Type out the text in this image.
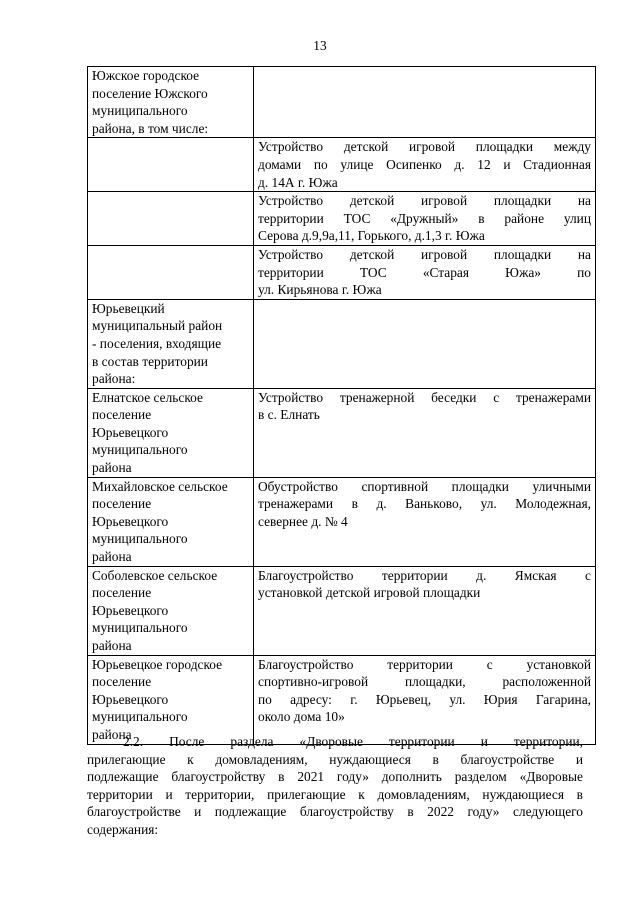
13
Южское городское
поселение Южского
муниципального
района, в том числе:	

	Устройство детской игровой площадки между
домами по улице Осипенко д. 12 и Стадионная
д. 14А г. Южа

	Устройство детской игровой площадки на
территории ТОС «Дружный» в районе улиц
Серова д.9,9а,11, Горького, д.1,3 г. Южа

	Устройство детской игровой площадки на
территории ТОС «Старая Южа» по
ул. Кирьянова г. Южа

Юрьевецкий
муниципальный район
- поселения, входящие
в состав территории
района:	

Елнатское сельское
поселение
Юрьевецкого
муниципального
района	Устройство тренажерной беседки с тренажерами
в с. Елнать

Михайловское сельское
поселение
Юрьевецкого
муниципального
района	Обустройство спортивной площадки уличными
тренажерами в д. Ваньково, ул. Молодежная,
севернее д. № 4

Соболевское сельское
поселение
Юрьевецкого
муниципального
района	Благоустройство территории д. Ямская с
установкой детской игровой площадки

Юрьевецкое городское
поселение
Юрьевецкого
муниципального
района	Благоустройство территории с установкой
спортивно-игровой площадки, расположенной
по адресу: г. Юрьевец, ул. Юрия Гагарина,
около дома 10»
2.2. После раздела «Дворовые территории и территории,
прилегающие к домовладениям, нуждающиеся в благоустройстве и
подлежащие благоустройству в 2021 году» дополнить разделом «Дворовые
территории и территории, прилегающие к домовладениям, нуждающиеся в
благоустройстве и подлежащие благоустройству в 2022 году» следующего
содержания:
